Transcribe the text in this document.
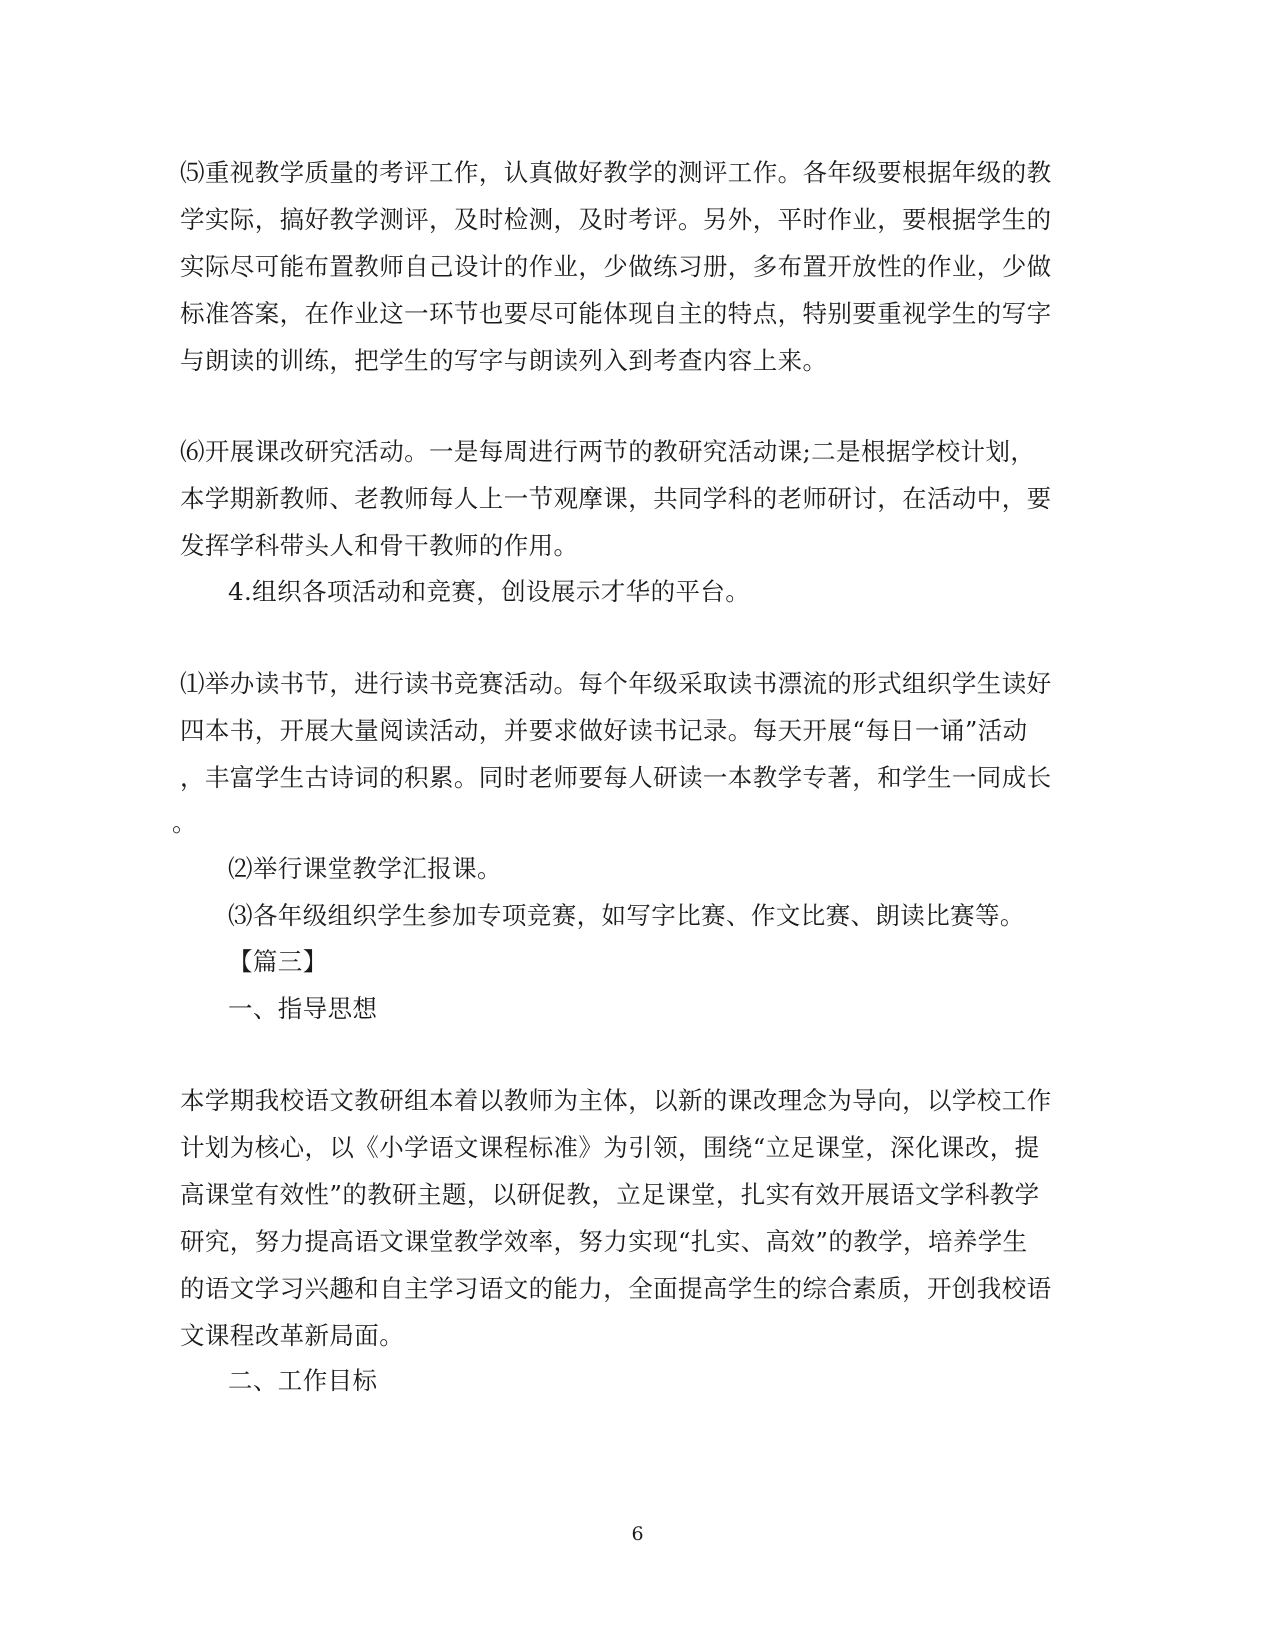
⑸重视教学质量的考评工作，认真做好教学的测评工作。各年级要根据年级的教
学实际，搞好教学测评，及时检测，及时考评。另外，平时作业，要根据学生的
实际尽可能布置教师自己设计的作业，少做练习册，多布置开放性的作业，少做
标准答案，在作业这一环节也要尽可能体现自主的特点，特别要重视学生的写字
与朗读的训练，把学生的写字与朗读列入到考查内容上来。
⑹开展课改研究活动。一是每周进行两节的教研究活动课;二是根据学校计划，
本学期新教师、老教师每人上一节观摩课，共同学科的老师研讨，在活动中，要
发挥学科带头人和骨干教师的作用。
4.组织各项活动和竞赛，创设展示才华的平台。
⑴举办读书节，进行读书竞赛活动。每个年级采取读书漂流的形式组织学生读好
四本书，开展大量阅读活动，并要求做好读书记录。每天开展“每日一诵”活动
，丰富学生古诗词的积累。同时老师要每人研读一本教学专著，和学生一同成长
。
⑵举行课堂教学汇报课。
⑶各年级组织学生参加专项竞赛，如写字比赛、作文比赛、朗读比赛等。
【篇三】
一、指导思想
本学期我校语文教研组本着以教师为主体，以新的课改理念为导向，以学校工作
计划为核心，以《小学语文课程标准》为引领，围绕“立足课堂，深化课改，提
高课堂有效性”的教研主题，以研促教，立足课堂，扎实有效开展语文学科教学
研究，努力提高语文课堂教学效率，努力实现“扎实、高效”的教学，培养学生
的语文学习兴趣和自主学习语文的能力，全面提高学生的综合素质，开创我校语
文课程改革新局面。
二、工作目标
6
